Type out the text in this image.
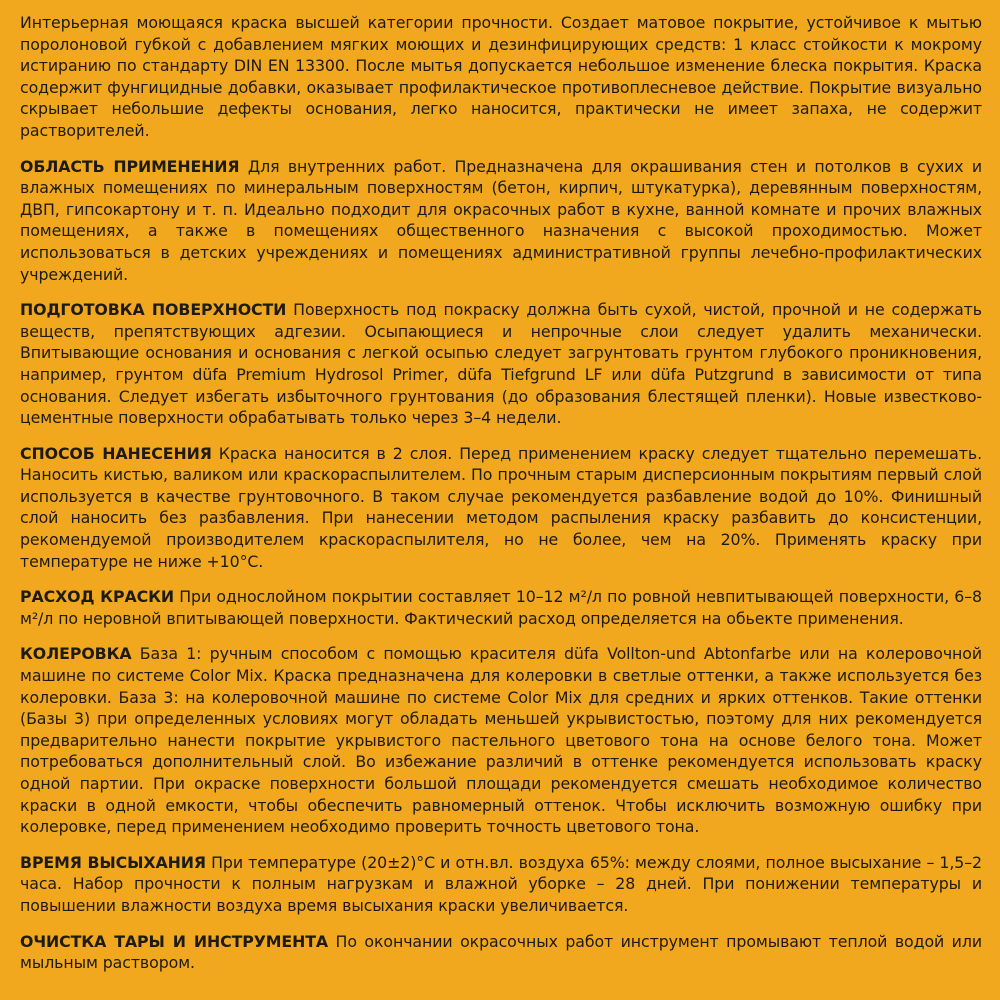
Интерьерная моющаяся краска высшей категории прочности. Создает матовое покрытие, устойчивое к мытью поролоновой губкой с добавлением мягких моющих и дезинфицирующих средств: 1 класс стойкости к мокрому истиранию по стандарту DIN EN 13300. После мытья допускается небольшое изменение блеска покрытия. Краска содержит фунгицидные добавки, оказывает профилактическое противоплесневое действие. Покрытие визуально скрывает небольшие дефекты основания, легко наносится, практически не имеет запаха, не содержит растворителей.

ОБЛАСТЬ ПРИМЕНЕНИЯ Для внутренних работ. Предназначена для окрашивания стен и потолков в сухих и влажных помещениях по минеральным поверхностям (бетон, кирпич, штукатурка), деревянным поверхностям, ДВП, гипсокартону и т. п. Идеально подходит для окрасочных работ в кухне, ванной комнате и прочих влажных помещениях, а также в помещениях общественного назначения с высокой проходимостью. Может использоваться в детских учреждениях и помещениях административной группы лечебно-профилактических учреждений.

ПОДГОТОВКА ПОВЕРХНОСТИ Поверхность под покраску должна быть сухой, чистой, прочной и не содержать веществ, препятствующих адгезии. Осыпающиеся и непрочные слои следует удалить механически. Впитывающие основания и основания с легкой осыпью следует загрунтовать грунтом глубокого проникновения, например, грунтом düfa Premium Hydrosol Primer, düfa Tiefgrund LF или düfa Putzgrund в зависимости от типа основания. Следует избегать избыточного грунтования (до образования блестящей пленки). Новые известково-цементные поверхности обрабатывать только через 3–4 недели.

СПОСОБ НАНЕСЕНИЯ Краска наносится в 2 слоя. Перед применением краску следует тщательно перемешать. Наносить кистью, валиком или краскораспылителем. По прочным старым дисперсионным покрытиям первый слой используется в качестве грунтовочного. В таком случае рекомендуется разбавление водой до 10%. Финишный слой наносить без разбавления. При нанесении методом распыления краску разбавить до консистенции, рекомендуемой производителем краскораспылителя, но не более, чем на 20%. Применять краску при температуре не ниже +10°С.

РАСХОД КРАСКИ При однослойном покрытии составляет 10–12 м²/л по ровной невпитывающей поверхности, 6–8 м²/л по неровной впитывающей поверхности. Фактический расход определяется на обьекте применения.

КОЛЕРОВКА База 1: ручным способом с помощью красителя düfa Vollton-und Abtonfarbe или на колеровочной машине по системе Color Mix. Краска предназначена для колеровки в светлые оттенки, а также используется без колеровки. База 3: на колеровочной машине по системе Color Mix для средних и ярких оттенков. Такие оттенки (Базы 3) при определенных условиях могут обладать меньшей укрывистостью, поэтому для них рекомендуется предварительно нанести покрытие укрывистого пастельного цветового тона на основе белого тона. Может потребоваться дополнительный слой. Во избежание различий в оттенке рекомендуется использовать краску одной партии. При окраске поверхности большой площади рекомендуется смешать необходимое количество краски в одной емкости, чтобы обеспечить равномерный оттенок. Чтобы исключить возможную ошибку при колеровке, перед применением необходимо проверить точность цветового тона.

ВРЕМЯ ВЫСЫХАНИЯ При температуре (20±2)°С и отн.вл. воздуха 65%: между слоями, полное высыхание – 1,5–2 часа. Набор прочности к полным нагрузкам и влажной уборке – 28 дней. При понижении температуры и повышении влажности воздуха время высыхания краски увеличивается.

ОЧИСТКА ТАРЫ И ИНСТРУМЕНТА По окончании окрасочных работ инструмент промывают теплой водой или мыльным раствором.
